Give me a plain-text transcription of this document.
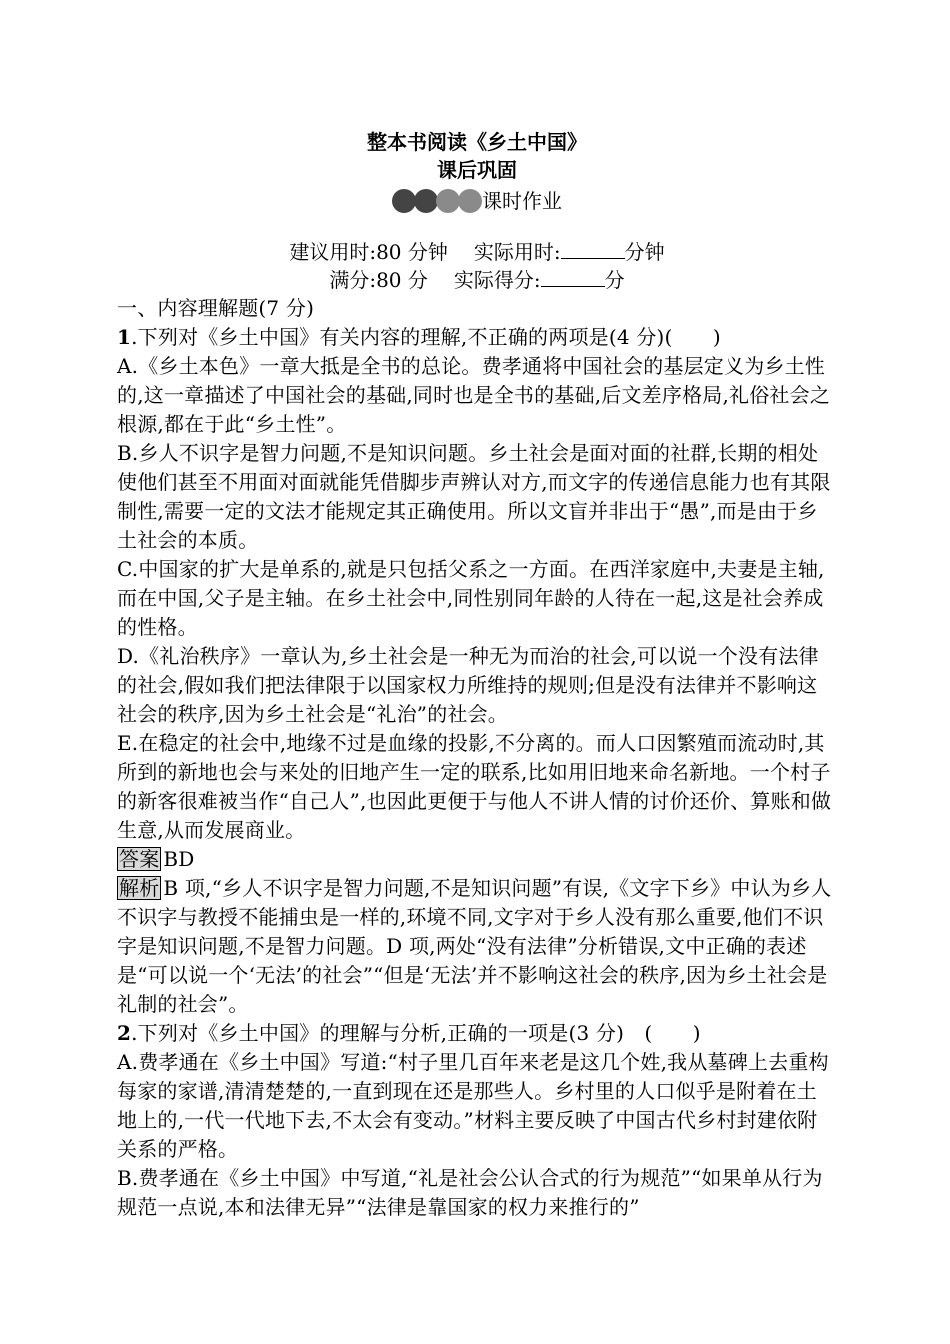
整本书阅读《乡土中国》
课后巩固
课时作业
建议用时:80 分钟 实际用时:	分钟
满分:80 分 实际得分:	分

一、内容理解题(7 分)

1.下列对《乡土中国》有关内容的理解,不正确的两项是(4 分)(　　)

A.《乡土本色》一章大抵是全书的总论。费孝通将中国社会的基层定义为乡土性的,这一章描述了中国社会的基础,同时也是全书的基础,后文差序格局,礼俗社会之根源,都在于此“乡土性”。

B.乡人不识字是智力问题,不是知识问题。乡土社会是面对面的社群,长期的相处使他们甚至不用面对面就能凭借脚步声辨认对方,而文字的传递信息能力也有其限制性,需要一定的文法才能规定其正确使用。所以文盲并非出于“愚”,而是由于乡土社会的本质。

C.中国家的扩大是单系的,就是只包括父系之一方面。在西洋家庭中,夫妻是主轴,而在中国,父子是主轴。在乡土社会中,同性别同年龄的人待在一起,这是社会养成的性格。

D.《礼治秩序》一章认为,乡土社会是一种无为而治的社会,可以说一个没有法律的社会,假如我们把法律限于以国家权力所维持的规则;但是没有法律并不影响这社会的秩序,因为乡土社会是“礼治”的社会。

E.在稳定的社会中,地缘不过是血缘的投影,不分离的。而人口因繁殖而流动时,其所到的新地也会与来处的旧地产生一定的联系,比如用旧地来命名新地。一个村子的新客很难被当作“自己人”,也因此更便于与他人不讲人情的讨价还价、算账和做生意,从而发展商业。

答案 BD

解析 B 项,“乡人不识字是智力问题,不是知识问题”有误,《文字下乡》中认为乡人不识字与教授不能捕虫是一样的,环境不同,文字对于乡人没有那么重要,他们不识字是知识问题,不是智力问题。D 项,两处“没有法律”分析错误,文中正确的表述是“可以说一个‘无法’的社会”“但是‘无法’并不影响这社会的秩序,因为乡土社会是礼制的社会”。

2.下列对《乡土中国》的理解与分析,正确的一项是(3 分)　(　　)

A.费孝通在《乡土中国》写道:“村子里几百年来老是这几个姓,我从墓碑上去重构每家的家谱,清清楚楚的,一直到现在还是那些人。乡村里的人口似乎是附着在土地上的,一代一代地下去,不太会有变动。”材料主要反映了中国古代乡村封建依附关系的严格。

B.费孝通在《乡土中国》中写道,“礼是社会公认合式的行为规范”“如果单从行为规范一点说,本和法律无异”“法律是靠国家的权力来推行的”
